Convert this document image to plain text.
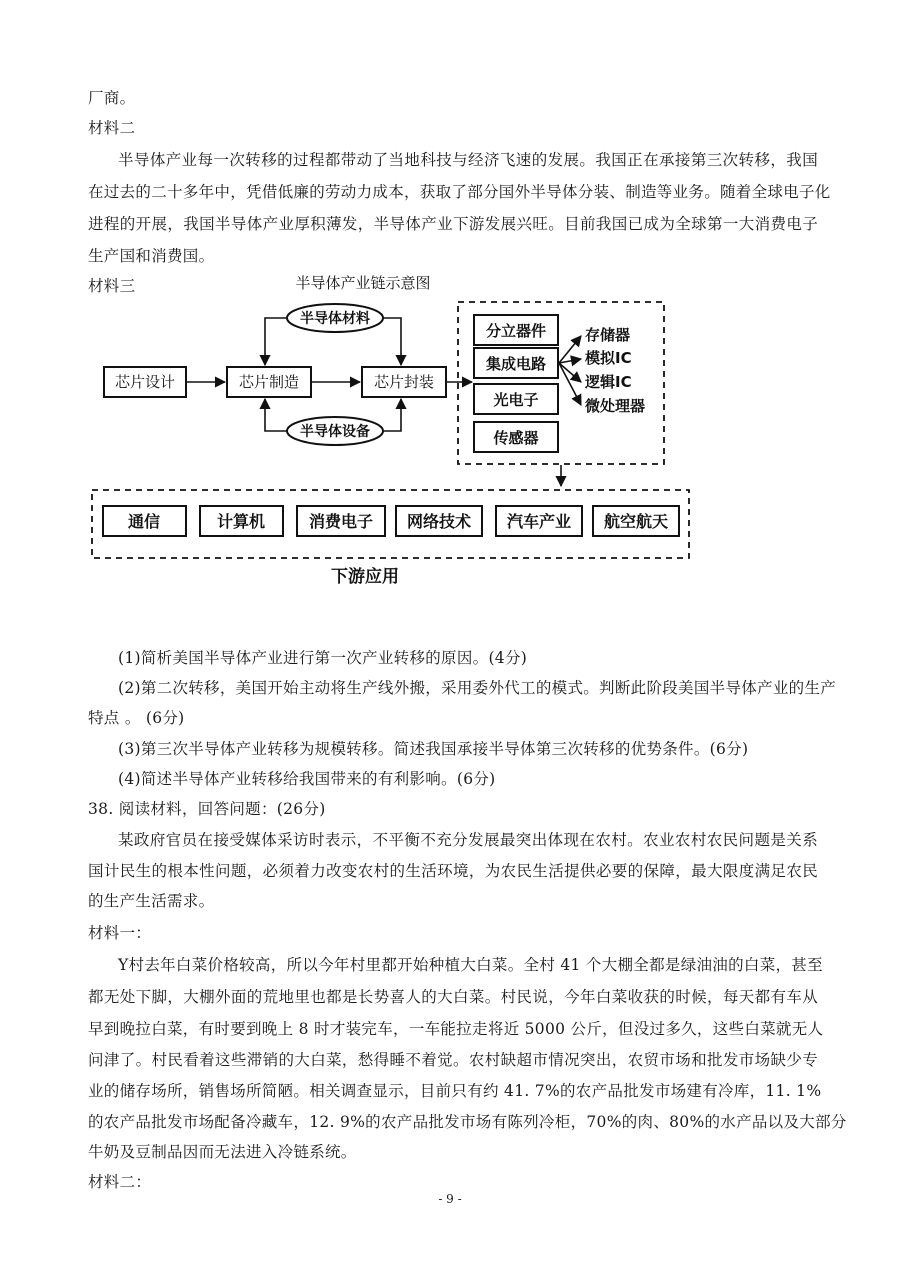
厂商。
材料二
半导体产业每一次转移的过程都带动了当地科技与经济飞速的发展。我国正在承接第三次转移，我国
在过去的二十多年中，凭借低廉的劳动力成本，获取了部分国外半导体分装、制造等业务。随着全球电子化
进程的开展，我国半导体产业厚积薄发，半导体产业下游发展兴旺。目前我国已成为全球第一大消费电子
生产国和消费国。
材料三	半导体产业链示意图
芯片设计	芯片制造	芯片封装
半导体材料
半导体设备
分立器件
集成电路
光电子
传感器
存储器
模拟IC
逻辑IC
微处理器
通信	计算机	消费电子 网络技术 汽车产业 航空航天
下游应用
(1)简析美国半导体产业进行第一次产业转移的原因。(4分)
(2)第二次转移，美国开始主动将生产线外搬，采用委外代工的模式。判断此阶段美国半导体产业的生产
特点 。 (6分)
(3)第三次半导体产业转移为规模转移。简述我国承接半导体第三次转移的优势条件。(6分)
(4)简述半导体产业转移给我国带来的有利影响。(6分)
38. 阅读材料，回答问题：(26分)
某政府官员在接受媒体采访时表示，不平衡不充分发展最突出体现在农村。农业农村农民问题是关系
国计民生的根本性问题，必须着力改变农村的生活环境，为农民生活提供必要的保障，最大限度满足农民
的生产生活需求。
材料一：
Y村去年白菜价格较高，所以今年村里都开始种植大白菜。全村 41 个大棚全都是绿油油的白菜，甚至
都无处下脚，大棚外面的荒地里也都是长势喜人的大白菜。村民说，今年白菜收获的时候，每天都有车从
早到晚拉白菜，有时要到晚上 8 时才装完车，一车能拉走将近 5000 公斤，但没过多久，这些白菜就无人
问津了。村民看着这些滞销的大白菜，愁得睡不着觉。农村缺超市情况突出，农贸市场和批发市场缺少专
业的储存场所，销售场所简陋。相关调查显示，目前只有约 41. 7%的农产品批发市场建有冷库，11. 1%
的农产品批发市场配备冷藏车，12. 9%的农产品批发市场有陈列冷柜，70%的肉、80%的水产品以及大部分
牛奶及豆制品因而无法进入冷链系统。
材料二：
- 9 -
